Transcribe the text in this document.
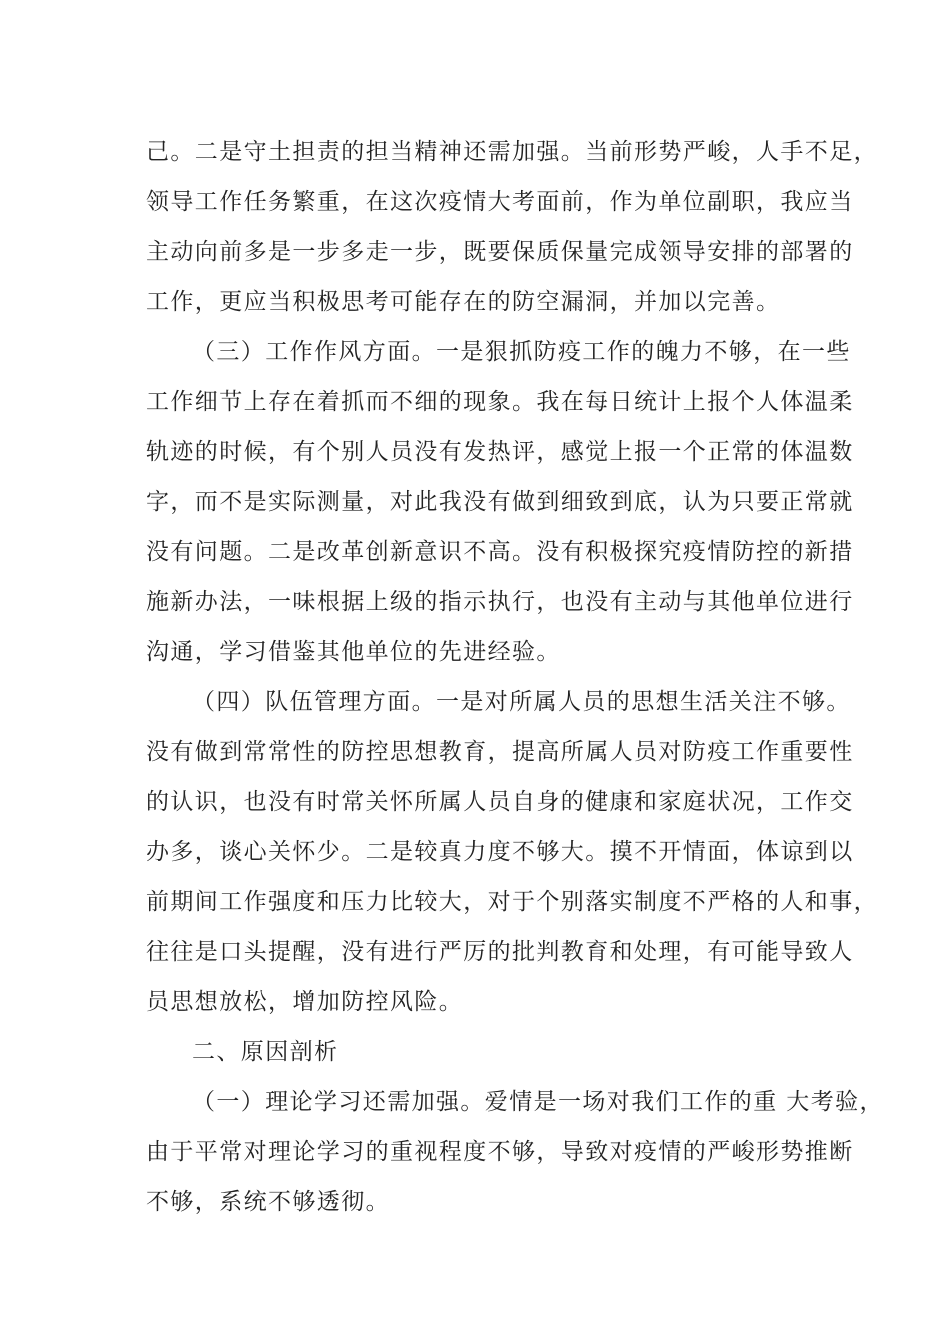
己。二是守土担责的担当精神还需加强。当前形势严峻，人手不足，
领导工作任务繁重，在这次疫情大考面前，作为单位副职，我应当
主动向前多是一步多走一步，既要保质保量完成领导安排的部署的
工作，更应当积极思考可能存在的防空漏洞，并加以完善。
（三）工作作风方面。一是狠抓防疫工作的魄力不够，在一些
工作细节上存在着抓而不细的现象。我在每日统计上报个人体温柔
轨迹的时候，有个别人员没有发热评，感觉上报一个正常的体温数
字，而不是实际测量，对此我没有做到细致到底，认为只要正常就
没有问题。二是改革创新意识不高。没有积极探究疫情防控的新措
施新办法，一味根据上级的指示执行，也没有主动与其他单位进行
沟通，学习借鉴其他单位的先进经验。
（四）队伍管理方面。一是对所属人员的思想生活关注不够。
没有做到常常性的防控思想教育，提高所属人员对防疫工作重要性
的认识，也没有时常关怀所属人员自身的健康和家庭状况，工作交
办多，谈心关怀少。二是较真力度不够大。摸不开情面，体谅到以
前期间工作强度和压力比较大，对于个别落实制度不严格的人和事，
往往是口头提醒，没有进行严厉的批判教育和处理，有可能导致人
员思想放松，增加防控风险。
二、原因剖析
（一）理论学习还需加强。爱情是一场对我们工作的重 大考验，
由于平常对理论学习的重视程度不够，导致对疫情的严峻形势推断
不够，系统不够透彻。
